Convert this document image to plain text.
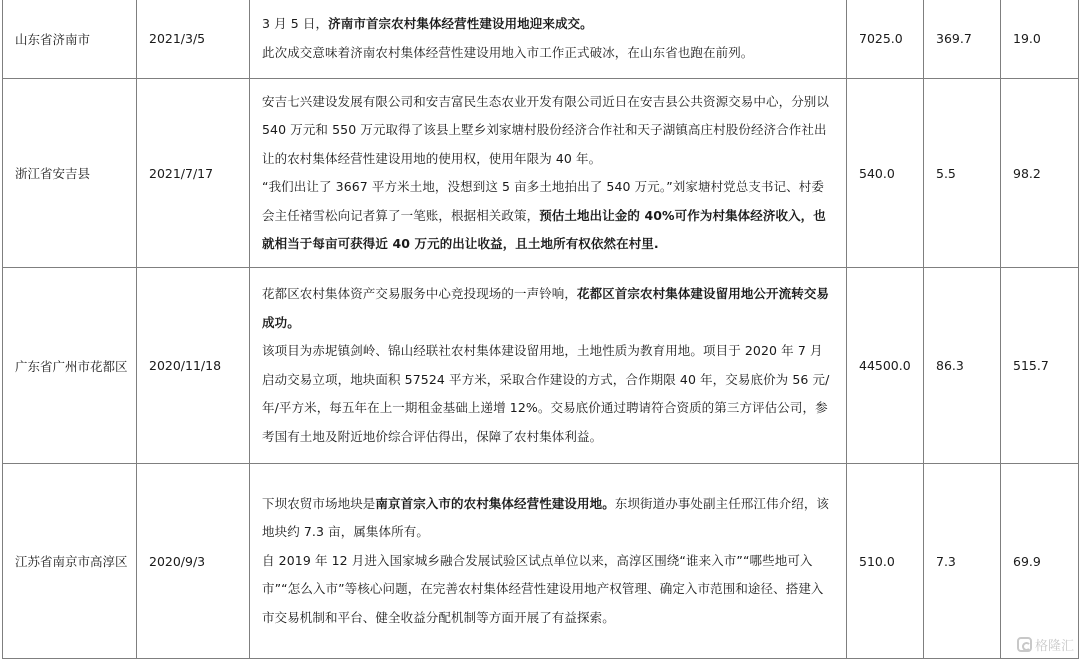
山东省济南市	2021/3/5	3 月 5 日，济南市首宗农村集体经营性建设用地迎来成交。

此次成交意味着济南农村集体经营性建设用地入市工作正式破冰，在山东省也跑在前列。	7025.0	369.7	19.0
浙江省安吉县	2021/7/17	安吉七兴建设发展有限公司和安吉富民生态农业开发有限公司近日在安吉县公共资源交易中心，分别以 540 万元和 550 万元取得了该县上墅乡刘家塘村股份经济合作社和天子湖镇高庄村股份经济合作社出让的农村集体经营性建设用地的使用权，使用年限为 40 年。

“我们出让了 3667 平方米土地，没想到这 5 亩多土地拍出了 540 万元。”刘家塘村党总支书记、村委会主任褚雪松向记者算了一笔账，根据相关政策，预估土地出让金的 40%可作为村集体经济收入，也就相当于每亩可获得近 40 万元的出让收益，且土地所有权依然在村里.	540.0	5.5	98.2
广东省广州市花都区	2020/11/18	花都区农村集体资产交易服务中心竞投现场的一声铃响，花都区首宗农村集体建设留用地公开流转交易成功。

该项目为赤坭镇剑岭、锦山经联社农村集体建设留用地，土地性质为教育用地。项目于 2020 年 7 月启动交易立项，地块面积 57524 平方米，采取合作建设的方式，合作期限 40 年，交易底价为 56 元/年/平方米，每五年在上一期租金基础上递增 12%。交易底价通过聘请符合资质的第三方评估公司，参考国有土地及附近地价综合评估得出，保障了农村集体利益。	44500.0	86.3	515.7
江苏省南京市高淳区	2020/9/3	下坝农贸市场地块是南京首宗入市的农村集体经营性建设用地。东坝街道办事处副主任邢江伟介绍，该地块约 7.3 亩，属集体所有。

自 2019 年 12 月进入国家城乡融合发展试验区试点单位以来，高淳区围绕“谁来入市”“哪些地可入市”“怎么入市”等核心问题，在完善农村集体经营性建设用地产权管理、确定入市范围和途径、搭建入市交易机制和平台、健全收益分配机制等方面开展了有益探索。	510.0	7.3	69.9
格隆汇
